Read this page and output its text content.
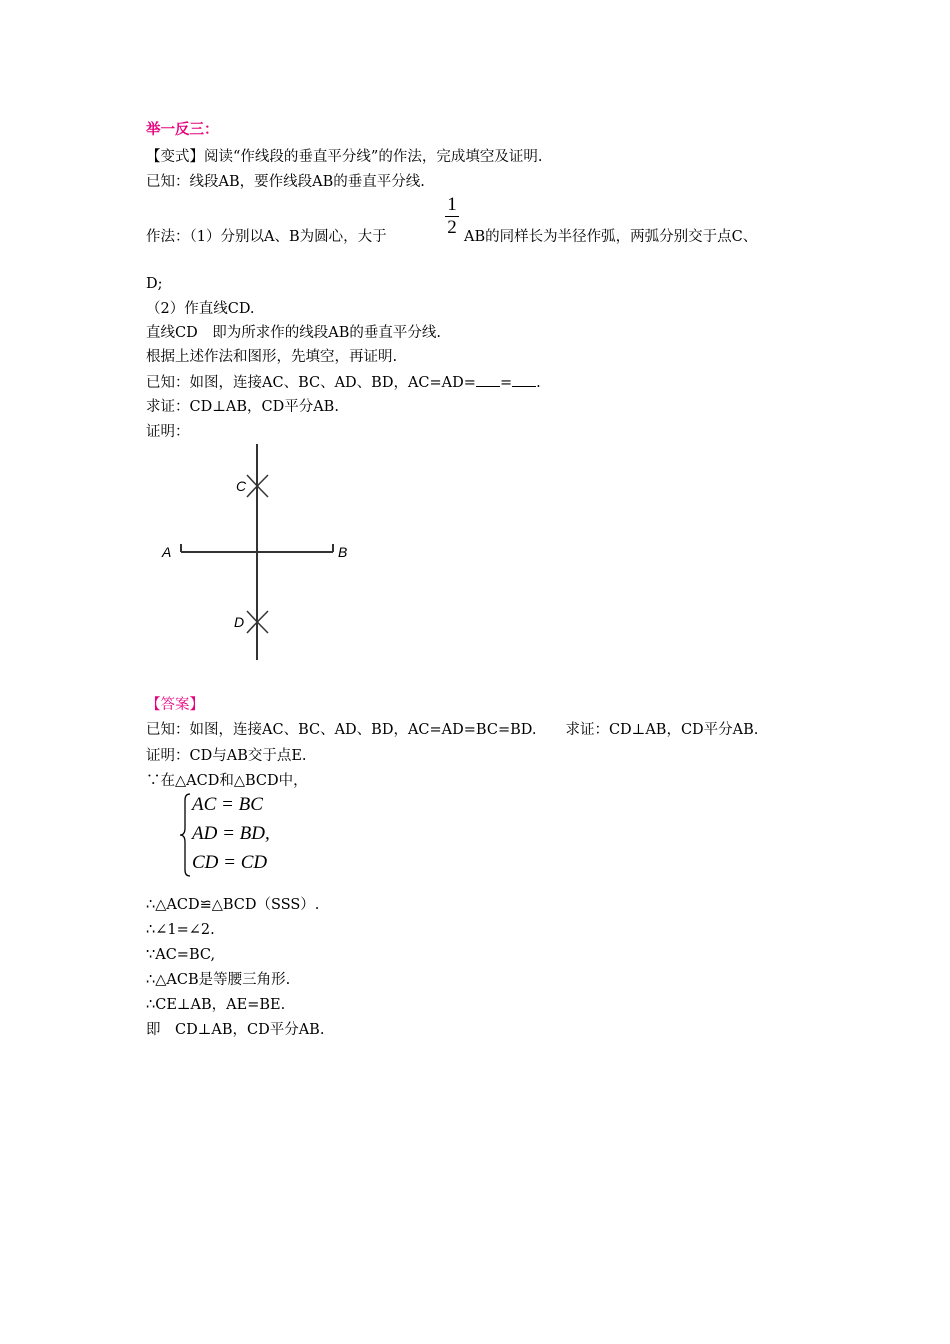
举一反三：
【变式】阅读“作线段的垂直平分线”的作法，完成填空及证明.
已知：线段AB，要作线段AB的垂直平分线.
作法：（1）分别以A、B为圆心，大于
1
2 AB的同样长为半径作弧，两弧分别交于点C、
D;
（2）作直线CD.
直线CD　即为所求作的线段AB的垂直平分线.
根据上述作法和图形，先填空，再证明.
已知：如图，连接AC、BC、AD、BD，AC=AD= = .
求证：CD⊥AB，CD平分AB.
证明：
C
A	B
D
【答案】
已知：如图，连接AC、BC、AD、BD，AC=AD=BC=BD.　　求证：CD⊥AB，CD平分AB.
证明：CD与AB交于点E.
∵在△ACD和△BCD中，
AC = BC
AD = BD,
CD = CD
∴△ACD≌△BCD（SSS）.
∴∠1=∠2.
∵AC=BC,
∴△ACB是等腰三角形.
∴CE⊥AB，AE=BE.
即　CD⊥AB，CD平分AB.
